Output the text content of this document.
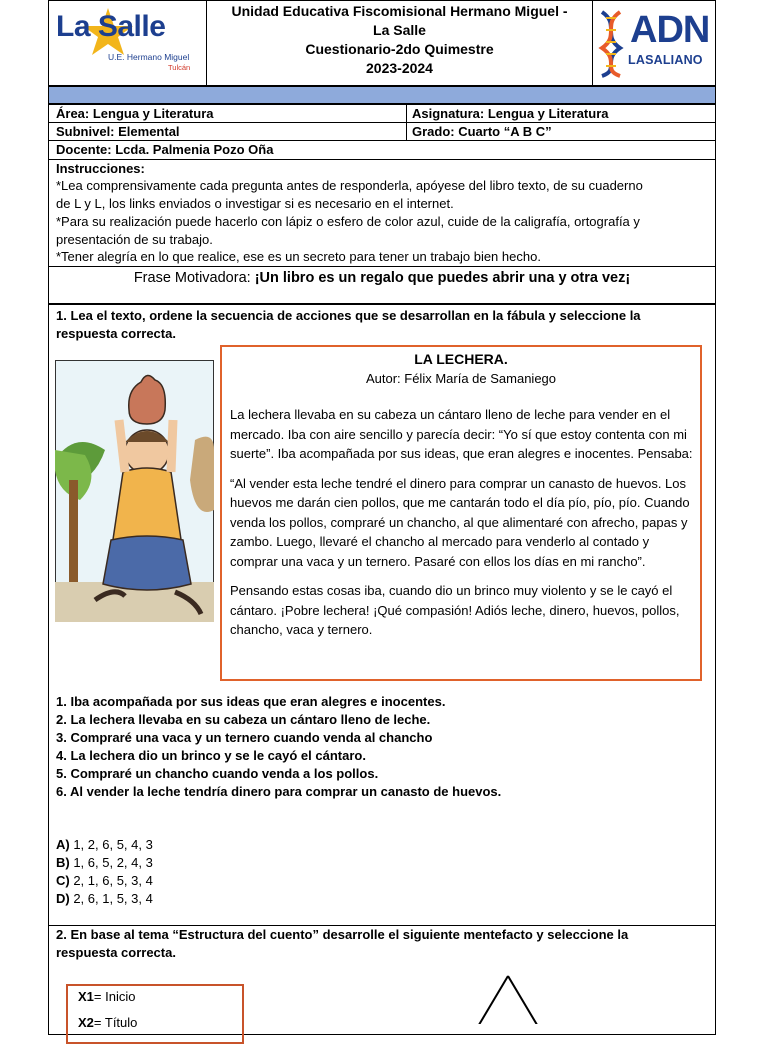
La Salle
U.E. Hermano Miguel
Tulcán
Unidad Educativa Fiscomisional Hermano Miguel -
La Salle
Cuestionario-2do Quimestre
2023-2024
ADN
LASALIANO
Área: Lengua y Literatura	Asignatura: Lengua y Literatura
Subnivel: Elemental	Grado: Cuarto “A B C”
Docente: Lcda. Palmenia Pozo Oña
Instrucciones:
*Lea comprensivamente cada pregunta antes de responderla, apóyese del libro texto, de su cuaderno
de L y L, los links enviados o investigar si es necesario en el internet.
*Para su realización puede hacerlo con lápiz o esfero de color azul, cuide de la caligrafía, ortografía y
presentación de su trabajo.
*Tener alegría en lo que realice, ese es un secreto para tener un trabajo bien hecho.
Frase Motivadora: ¡Un libro es un regalo que puedes abrir una y otra vez¡
1. Lea el texto, ordene la secuencia de acciones que se desarrollan en la fábula y seleccione la
respuesta correcta.
LA LECHERA.
Autor: Félix María de Samaniego

La lechera llevaba en su cabeza un cántaro lleno de leche para vender en el mercado. Iba con aire sencillo y parecía decir: “Yo sí que estoy contenta con mi suerte”. Iba acompañada por sus ideas, que eran alegres e inocentes. Pensaba:

“Al vender esta leche tendré el dinero para comprar un canasto de huevos. Los huevos me darán cien pollos, que me cantarán todo el día pío, pío, pío. Cuando venda los pollos, compraré un chancho, al que alimentaré con afrecho, papas y zambo. Luego, llevaré el chancho al mercado para venderlo al contado y comprar una vaca y un ternero. Pasaré con ellos los días en mi rancho”.

Pensando estas cosas iba, cuando dio un brinco muy violento y se le cayó el cántaro. ¡Pobre lechera! ¡Qué compasión! Adiós leche, dinero, huevos, pollos, chancho, vaca y ternero.

1. Iba acompañada por sus ideas que eran alegres e inocentes.
2. La lechera llevaba en su cabeza un cántaro lleno de leche.
3. Compraré una vaca y un ternero cuando venda al chancho
4. La lechera dio un brinco y se le cayó el cántaro.
5. Compraré un chancho cuando venda a los pollos.
6. Al vender la leche tendría dinero para comprar un canasto de huevos.
A) 1, 2, 6, 5, 4, 3
B) 1, 6, 5, 2, 4, 3
C) 2, 1, 6, 5, 3, 4
D) 2, 6, 1, 5, 3, 4
2. En base al tema “Estructura del cuento” desarrolle el siguiente mentefacto y seleccione la
respuesta correcta.
X1= Inicio
X2= Título
